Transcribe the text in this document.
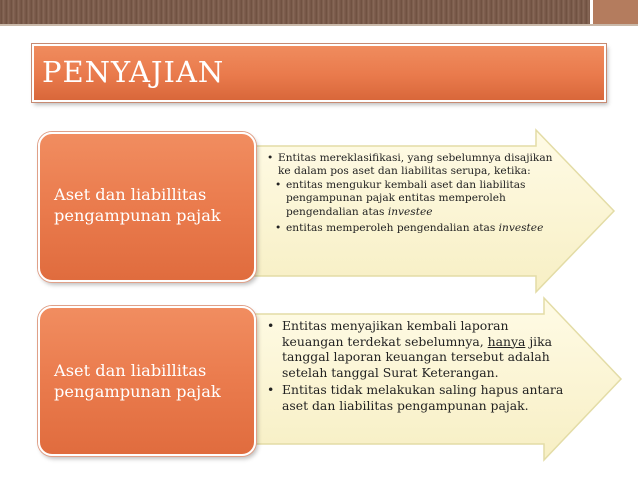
PENYAJIAN
• Entitas mereklasifikasi, yang sebelumnya disajikan ke dalam pos aset dan liabilitas serupa, ketika:
• entitas mengukur kembali aset dan liabilitas pengampunan pajak entitas memperoleh pengendalian atas investee
• entitas memperoleh pengendalian atas investee
Aset dan liabillitas pengampunan pajak
• Entitas menyajikan kembali laporan keuangan terdekat sebelumnya, hanya jika tanggal laporan keuangan tersebut adalah setelah tanggal Surat Keterangan.
• Entitas tidak melakukan saling hapus antara aset dan liabilitas pengampunan pajak.
Aset dan liabillitas pengampunan pajak
